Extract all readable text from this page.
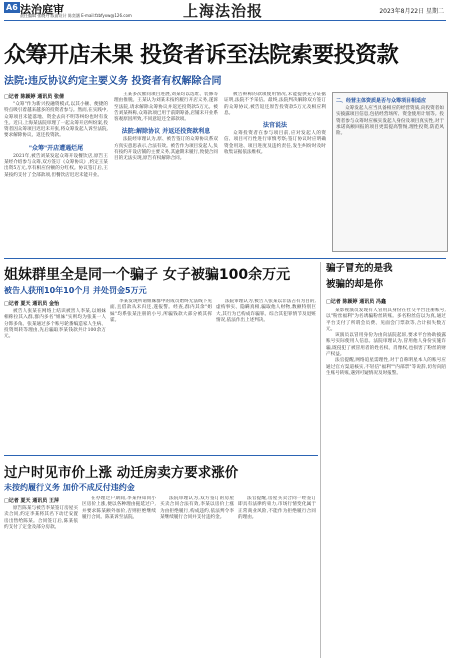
A6 法治庭审
责任编辑 张晓丹 版面设计 陈奕涵 E-mail:fzbfyxw@126.com	上海法治报	2023年8月22日 星期二
众筹开店未果 投资者诉至法院索要投资款
法院:违反协议约定主要义务 投资者有权解除合同
□记者 陈颖婷 通讯员 张倩

"众筹"作为新兴投融资模式,以其小额、便捷的特点吸引着越来越多的投资者参与。然而,在实践中,众筹项目未能落地、资金去向不明等纠纷也时有发生。近日,上海某法院审理了一起众筹开店纠纷案,投资者因众筹项目迟迟未开张,将众筹发起人诉至法院,要求解除协议、返还投资款。

"众筹"开店遭遇烂尾

2021年,被告刘某发起众筹开设餐饮店,原告王某经介绍参与众筹,双方签订《众筹协议》,约定王某出资5万元,享有相应份额的分红权。协议签订后,王某按约支付了全部款项,但餐饮店迟迟未能开业。

王某多次催问项目进展,刘某均以选址、装修等理由推脱。王某认为刘某未按约履行开店义务,遂诉至法院,请求解除众筹协议并返还投资款5万元。被告刘某辩称,众筹款项已用于前期筹备,店铺未开业系客观原因所致,不同意返还全部款项。

法院:解除协议 并返还投资款利息

法院经审理认为,原、被告签订的众筹协议系双方真实意思表示,合法有效。被告作为项目发起人,负有按约开设店铺的主要义务,其逾期未履行,致使合同目的无法实现,原告有权解除合同。

被告辩称的款项使用情况,未能提供充分证据证明,法院不予采信。最终,法院判决解除双方签订的众筹协议,被告返还原告投资款5万元及相应利息。

法官说法

众筹投资者在参与项目前,应对发起人的资信、项目可行性进行审慎考察;签订协议时应明确资金用途、项目进度及违约责任,发生纠纷时及时收集证据依法维权。

二、经营主体资质是否与众筹项目相适应

众筹发起人应当具备相应的经营资质,向投资者如实披露项目信息,包括经营场所、资金使用计划等。投资者参与众筹时应核实发起人身份及项目真实性,对于承诺高额回报的项目更需提高警惕,理性投资,防范风险。

姐妹群里全是同一个骗子 女子被骗100余万元
被告人获刑10年10个月 并处罚金5万元
□记者 夏天 通讯员 金怡

被告人张某在网络上结识被害人李某,以姐妹相称拉其入群,群内多名"姐妹"实则均为张某一人分饰多角。张某通过多个账号轮番编造家人生病、投资周转等理由,先后骗取李某钱款共计100余万元。

李某发现所谓姐妹群中的成员始终无法线下见面,且借款从未归还,遂报警。经查,群内其余"姐妹"均系张某注册的小号,所骗钱款大部分被其挥霍。

法院审理认为,被告人张某以非法占有为目的,虚构事实、隐瞒真相,骗取他人财物,数额特别巨大,其行为已构成诈骗罪。综合其犯罪情节及退赃情况,依法作出上述判决。

骗子冒充的是我
被骗的却是你
□记者 陈颖婷 通讯员 冯鑫

某影视演员发现有人冒用其身份在社交平台注册账号,以"粉丝福利"为名诱骗粉丝转账。多名粉丝信以为真,通过平台支付了所谓会员费、见面会门票款等,合计损失数万元。

该演员以冒用身份为由向法院起诉,要求平台协助披露账号实际使用人信息。法院审理认为,冒用他人身份实施诈骗,既侵犯了被冒用者的姓名权、肖像权,也损害了粉丝的财产权益。

法官提醒,网络追星需理性,对于自称明星本人的账号应通过官方渠道核实,不轻信"福利""内部票"等说辞,切勿向陌生账号转账,遇到可疑情况及时报警。

过户时见市价上涨 动迁房卖方要求涨价
未按约履行义务 加价不成反付违约金
□记者 夏天 通讯员 王萍

原告陈某与被告李某签订房屋买卖合同,约定李某将其名下动迁安置房出售给陈某。合同签订后,陈某依约支付了定金及部分房款。

在办理过户期间,李某得知同小区房价上涨,便以各种理由拖延过户,并要求陈某额外加价,否则拒绝继续履行合同。陈某诉至法院。

法院审理认为,双方签订的房屋买卖合同合法有效,李某以房价上涨为由拒绝履行,构成违约,依法判令李某继续履行合同并支付违约金。

法官提醒,房屋买卖合同一经签订即具有法律约束力,市场行情变化属于正常商业风险,不能作为拒绝履行合同的理由。
